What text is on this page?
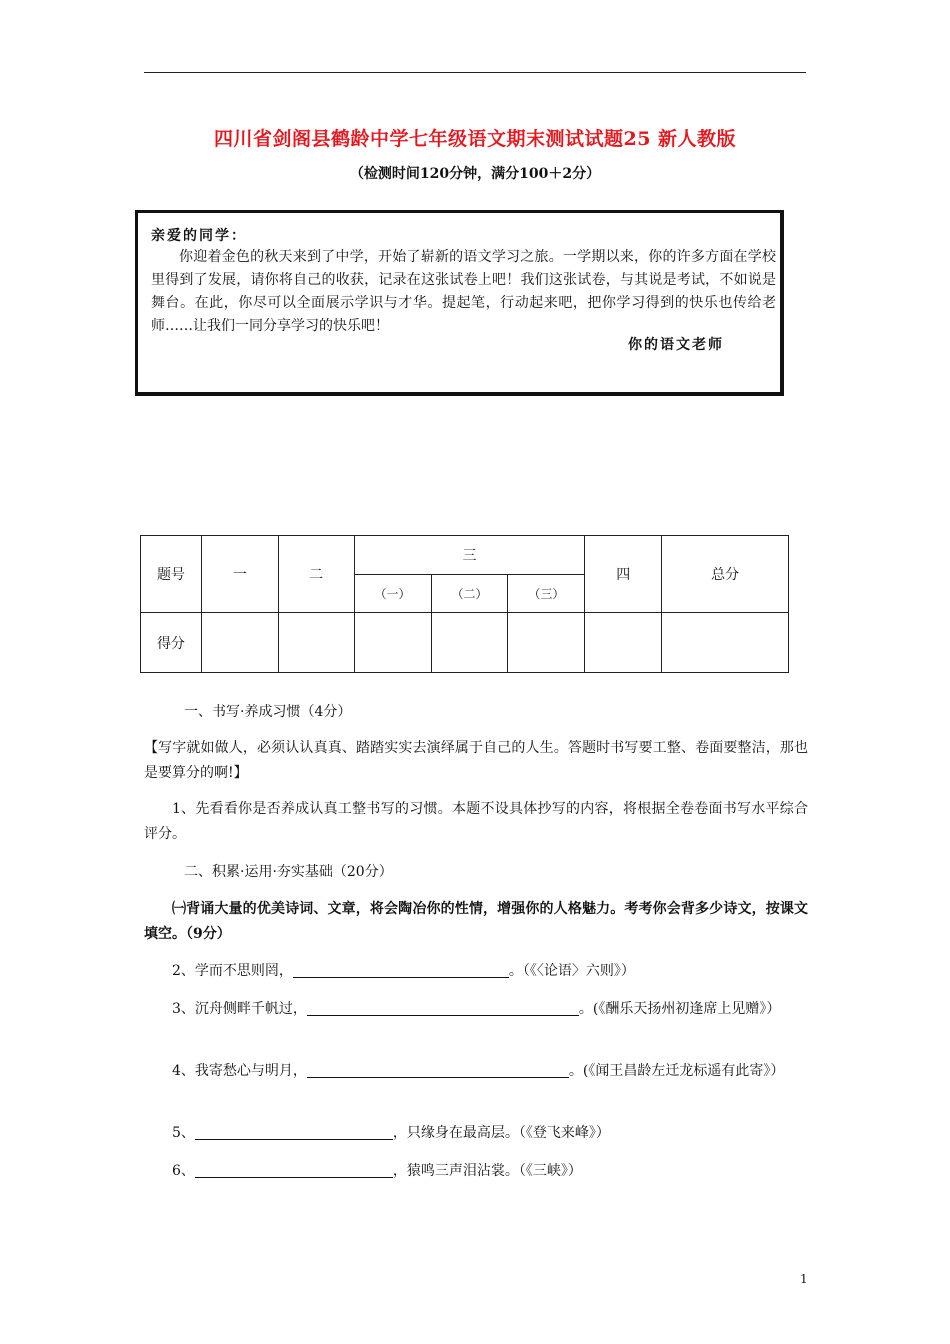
四川省剑阁县鹤龄中学七年级语文期末测试试题25 新人教版
（检测时间120分钟，满分100＋2分）
亲爱的同学：
你迎着金色的秋天来到了中学，开始了崭新的语文学习之旅。一学期以来，你的许多方面在学校里得到了发展，请你将自己的收获，记录在这张试卷上吧！我们这张试卷，与其说是考试，不如说是舞台。在此，你尽可以全面展示学识与才华。提起笔，行动起来吧，把你学习得到的快乐也传给老师……让我们一同分享学习的快乐吧！
你的语文老师
题号	一	二	三			四	总分
			（一）	（二）	（三）		
得分							
一、书写·养成习惯（4分）
【写字就如做人，必须认认真真、踏踏实实去演绎属于自己的人生。答题时书写要工整、卷面要整洁，那也是要算分的啊!】
1、先看看你是否养成认真工整书写的习惯。本题不设具体抄写的内容，将根据全卷卷面书写水平综合评分。
二、积累·运用·夯实基础（20分）
㈠背诵大量的优美诗词、文章，将会陶冶你的性情，增强你的人格魅力。考考你会背多少诗文，按课文填空。（9分）
2、学而不思则罔，	。（《〈论语〉六则》）
3、沉舟侧畔千帆过，	。(《酬乐天扬州初逢席上见赠》）
4、我寄愁心与明月，	。(《闻王昌龄左迁龙标遥有此寄》）
5、	，只缘身在最高层。（《登飞来峰》）
6、	，猿鸣三声泪沾裳。（《三峡》）
1
